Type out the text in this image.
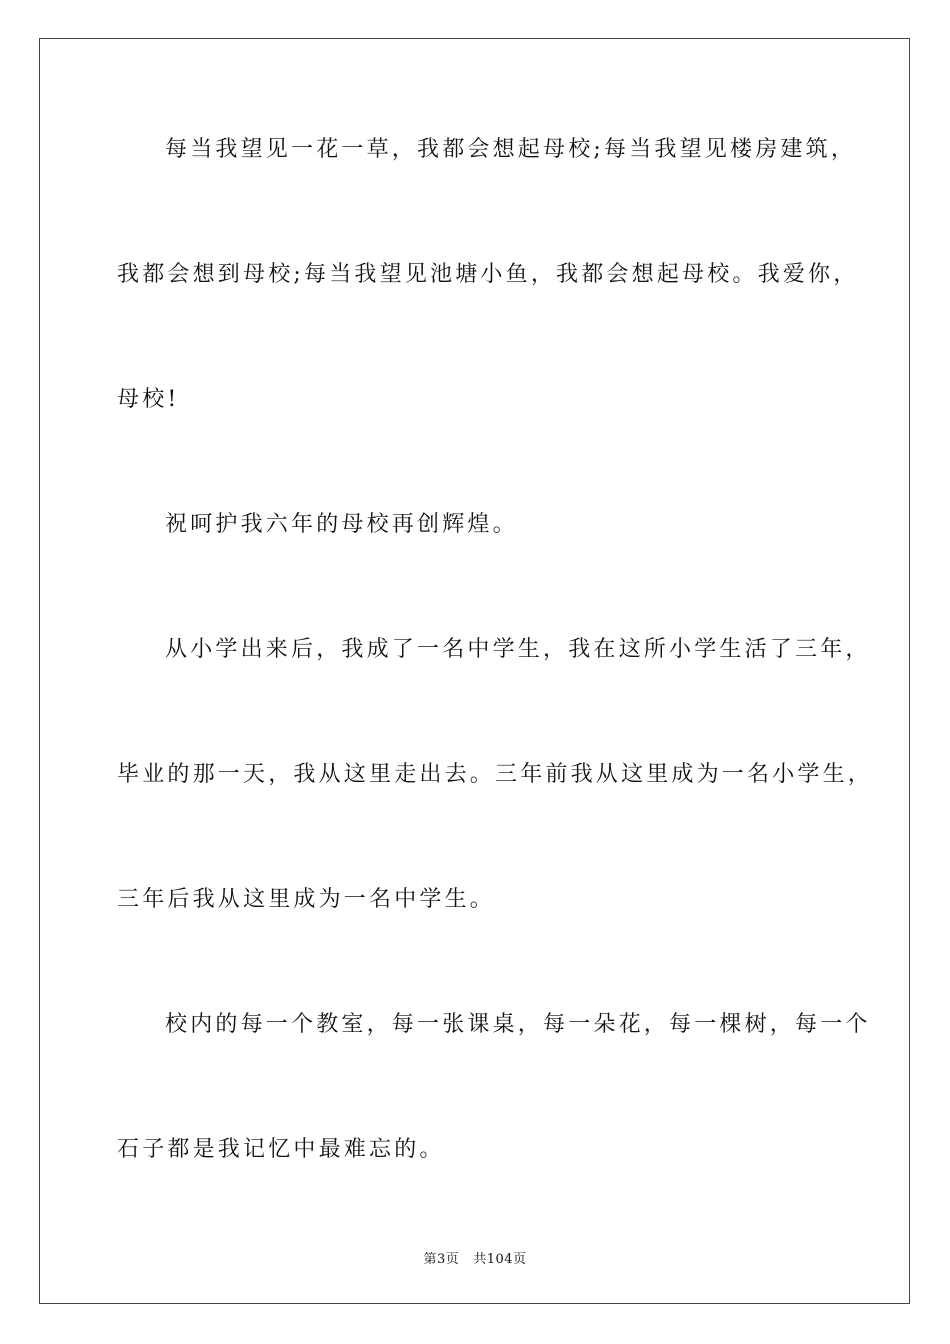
每当我望见一花一草，我都会想起母校;每当我望见楼房建筑，
我都会想到母校;每当我望见池塘小鱼，我都会想起母校。我爱你，
母校!
祝呵护我六年的母校再创辉煌。
从小学出来后，我成了一名中学生，我在这所小学生活了三年，
毕业的那一天，我从这里走出去。三年前我从这里成为一名小学生，
三年后我从这里成为一名中学生。
校内的每一个教室，每一张课桌，每一朵花，每一棵树，每一个
石子都是我记忆中最难忘的。
第3页 共104页
